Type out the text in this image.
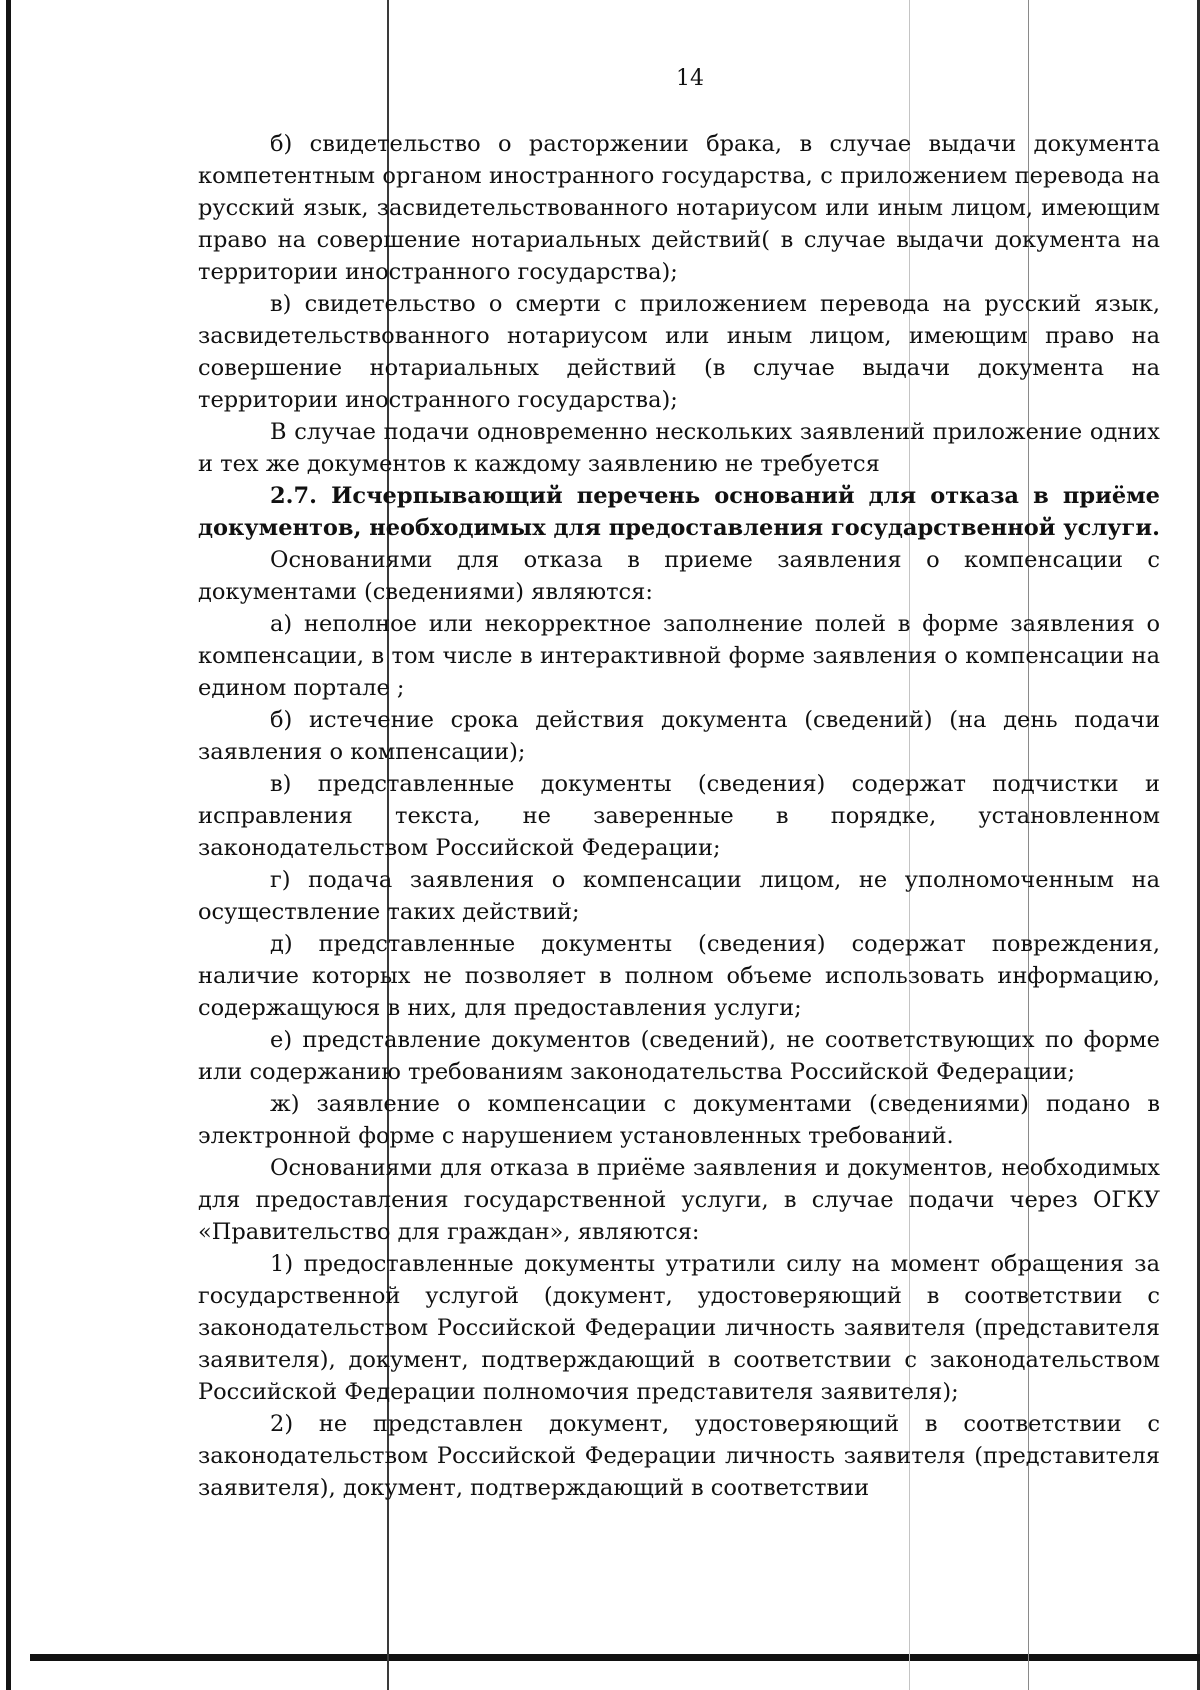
14

б) свидетельство о расторжении брака, в случае выдачи документа компетентным органом иностранного государства, с приложением перевода на русский язык, засвидетельствованного нотариусом или иным лицом, имеющим право на совершение нотариальных действий( в случае выдачи документа на территории иностранного государства);

в) свидетельство о смерти с приложением перевода на русский язык, засвидетельствованного нотариусом или иным лицом, имеющим право на совершение нотариальных действий (в случае выдачи документа на территории иностранного государства);

В случае подачи одновременно нескольких заявлений приложение одних и тех же документов к каждому заявлению не требуется

2.7. Исчерпывающий перечень оснований для отказа в приёме документов, необходимых для предоставления государственной услуги.

Основаниями для отказа в приеме заявления о компенсации с документами (сведениями) являются:

а) неполное или некорректное заполнение полей в форме заявления о компенсации, в том числе в интерактивной форме заявления о компенсации на едином портале ;

б) истечение срока действия документа (сведений) (на день подачи заявления о компенсации);

в) представленные документы (сведения) содержат подчистки и исправления текста, не заверенные в порядке, установленном законодательством Российской Федерации;

г) подача заявления о компенсации лицом, не уполномоченным на осуществление таких действий;

д) представленные документы (сведения) содержат повреждения, наличие которых не позволяет в полном объеме использовать информацию, содержащуюся в них, для предоставления услуги;

е) представление документов (сведений), не соответствующих по форме или содержанию требованиям законодательства Российской Федерации;

ж) заявление о компенсации с документами (сведениями) подано в электронной форме с нарушением установленных требований.

Основаниями для отказа в приёме заявления и документов, необходимых для предоставления государственной услуги, в случае подачи через ОГКУ «Правительство для граждан», являются:

1) предоставленные документы утратили силу на момент обращения за государственной услугой (документ, удостоверяющий в соответствии с законодательством Российской Федерации личность заявителя (представителя заявителя), документ, подтверждающий в соответствии с законодательством Российской Федерации полномочия представителя заявителя);

2) не представлен документ, удостоверяющий в соответствии с законодательством Российской Федерации личность заявителя (представителя заявителя), документ, подтверждающий в соответствии
